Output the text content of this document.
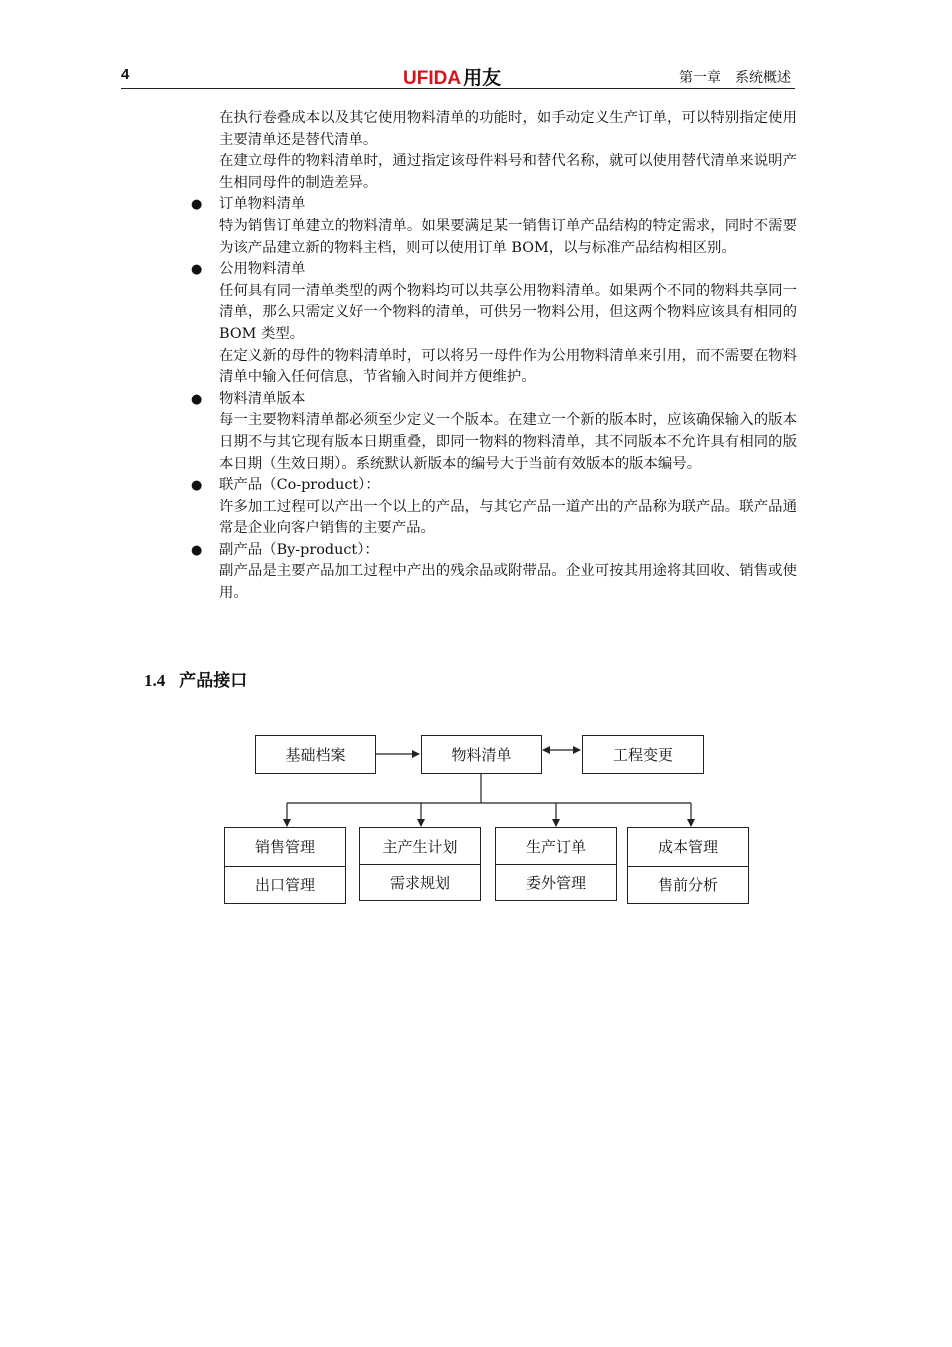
4	UFIDA 用友	第一章　系统概述

在执行卷叠成本以及其它使用物料清单的功能时，如手动定义生产订单，可以特别指定使用主要清单还是替代清单。

在建立母件的物料清单时，通过指定该母件料号和替代名称，就可以使用替代清单来说明产生相同母件的制造差异。

● 订单物料清单

特为销售订单建立的物料清单。如果要满足某一销售订单产品结构的特定需求，同时不需要为该产品建立新的物料主档，则可以使用订单 BOM，以与标准产品结构相区别。

● 公用物料清单

任何具有同一清单类型的两个物料均可以共享公用物料清单。如果两个不同的物料共享同一清单，那么只需定义好一个物料的清单，可供另一物料公用，但这两个物料应该具有相同的 BOM 类型。

在定义新的母件的物料清单时，可以将另一母件作为公用物料清单来引用，而不需要在物料清单中输入任何信息，节省输入时间并方便维护。

● 物料清单版本

每一主要物料清单都必须至少定义一个版本。在建立一个新的版本时，应该确保输入的版本日期不与其它现有版本日期重叠，即同一物料的物料清单，其不同版本不允许具有相同的版本日期（生效日期）。系统默认新版本的编号大于当前有效版本的版本编号。

● 联产品（Co-product）：

许多加工过程可以产出一个以上的产品，与其它产品一道产出的产品称为联产品。联产品通常是企业向客户销售的主要产品。

● 副产品（By-product）：

副产品是主要产品加工过程中产出的残余品或附带品。企业可按其用途将其回收、销售或使用。

1.4 产品接口
基础档案	物料清单	工程变更
销售管理
出口管理
主产生计划
需求规划
生产订单
委外管理
成本管理
售前分析
